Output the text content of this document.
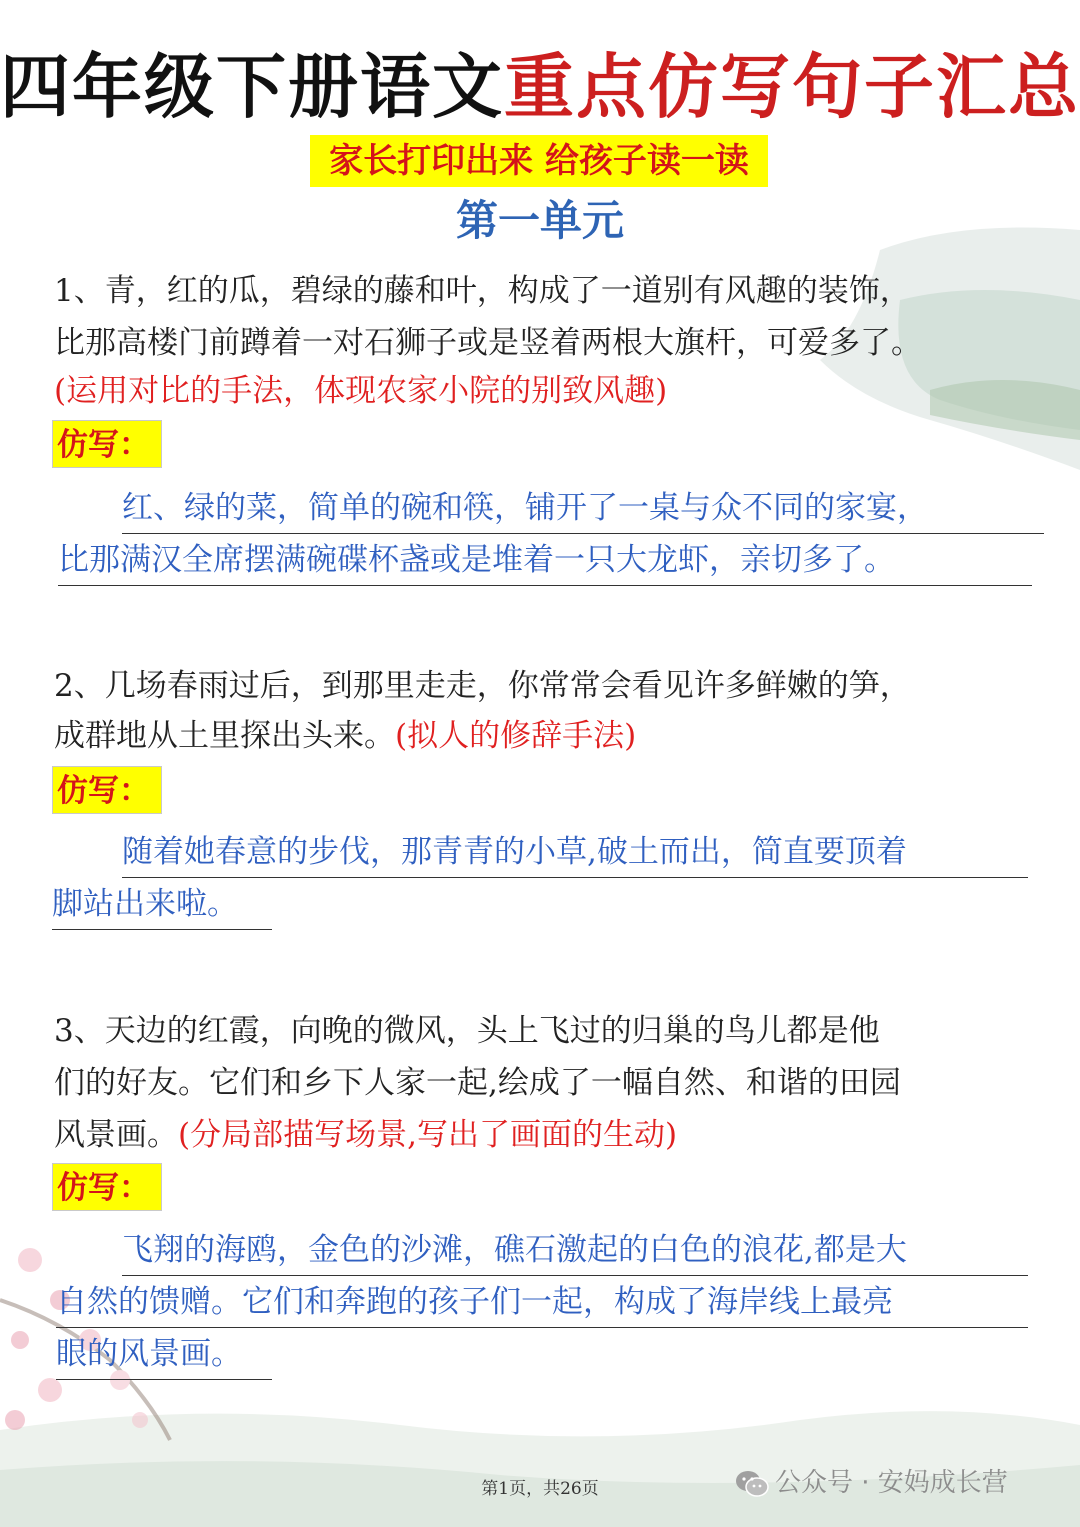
四年级下册语文重点仿写句子汇总
家长打印出来 给孩子读一读
第一单元
1、青，红的瓜，碧绿的藤和叶，构成了一道别有风趣的装饰，
比那高楼门前蹲着一对石狮子或是竖着两根大旗杆，可爱多了。
(运用对比的手法，体现农家小院的别致风趣)
仿写：
红、绿的菜，简单的碗和筷，铺开了一桌与众不同的家宴，
比那满汉全席摆满碗碟杯盏或是堆着一只大龙虾，亲切多了。
2、几场春雨过后，到那里走走，你常常会看见许多鲜嫩的笋，
成群地从土里探出头来。(拟人的修辞手法)
仿写：
随着她春意的步伐，那青青的小草,破土而出，简直要顶着
脚站出来啦。
3、天边的红霞，向晚的微风，头上飞过的归巢的鸟儿都是他
们的好友。它们和乡下人家一起,绘成了一幅自然、和谐的田园
风景画。(分局部描写场景,写出了画面的生动)
仿写：
飞翔的海鸥，金色的沙滩，礁石激起的白色的浪花,都是大
自然的馈赠。它们和奔跑的孩子们一起，构成了海岸线上最亮
眼的风景画。
第1页，共26页	公众号 · 安妈成长营
